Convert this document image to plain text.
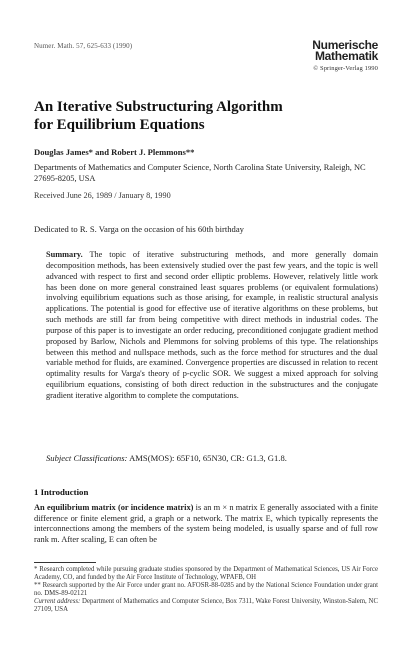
Numer. Math. 57, 625-633 (1990)	Numerische
Mathematik
© Springer-Verlag 1990
An Iterative Substructuring Algorithm
for Equilibrium Equations
Douglas James* and Robert J. Plemmons**
Departments of Mathematics and Computer Science, North Carolina State University, Raleigh, NC 27695-8205, USA
Received June 26, 1989 / January 8, 1990
Dedicated to R. S. Varga on the occasion of his 60th birthday
Summary. The topic of iterative substructuring methods, and more generally domain decomposition methods, has been extensively studied over the past few years, and the topic is well advanced with respect to first and second order elliptic problems. However, relatively little work has been done on more general constrained least squares problems (or equivalent formulations) involving equilibrium equations such as those arising, for example, in realistic structural analysis applications. The potential is good for effective use of iterative algorithms on these problems, but such methods are still far from being competitive with direct methods in industrial codes. The purpose of this paper is to investigate an order reducing, preconditioned conjugate gradient method proposed by Barlow, Nichols and Plemmons for solving problems of this type. The relationships between this method and nullspace methods, such as the force method for structures and the dual variable method for fluids, are examined. Convergence properties are discussed in relation to recent optimality results for Varga's theory of p-cyclic SOR. We suggest a mixed approach for solving equilibrium equations, consisting of both direct reduction in the substructures and the conjugate gradient iterative algorithm to complete the computations.
Subject Classifications: AMS(MOS): 65F10, 65N30, CR: G1.3, G1.8.
1 Introduction
An equilibrium matrix (or incidence matrix) is an m × n matrix E generally associated with a finite difference or finite element grid, a graph or a network. The matrix E, which typically represents the interconnections among the members of the system being modeled, is usually sparse and of full row rank m. After scaling, E can often be

* Research completed while pursuing graduate studies sponsored by the Department of Mathematical Sciences, US Air Force Academy, CO, and funded by the Air Force Institute of Technology, WPAFB, OH

** Research supported by the Air Force under grant no. AFOSR-88-0285 and by the National Science Foundation under grant no. DMS-89-02121

Current address: Department of Mathematics and Computer Science, Box 7311, Wake Forest University, Winston-Salem, NC 27109, USA
